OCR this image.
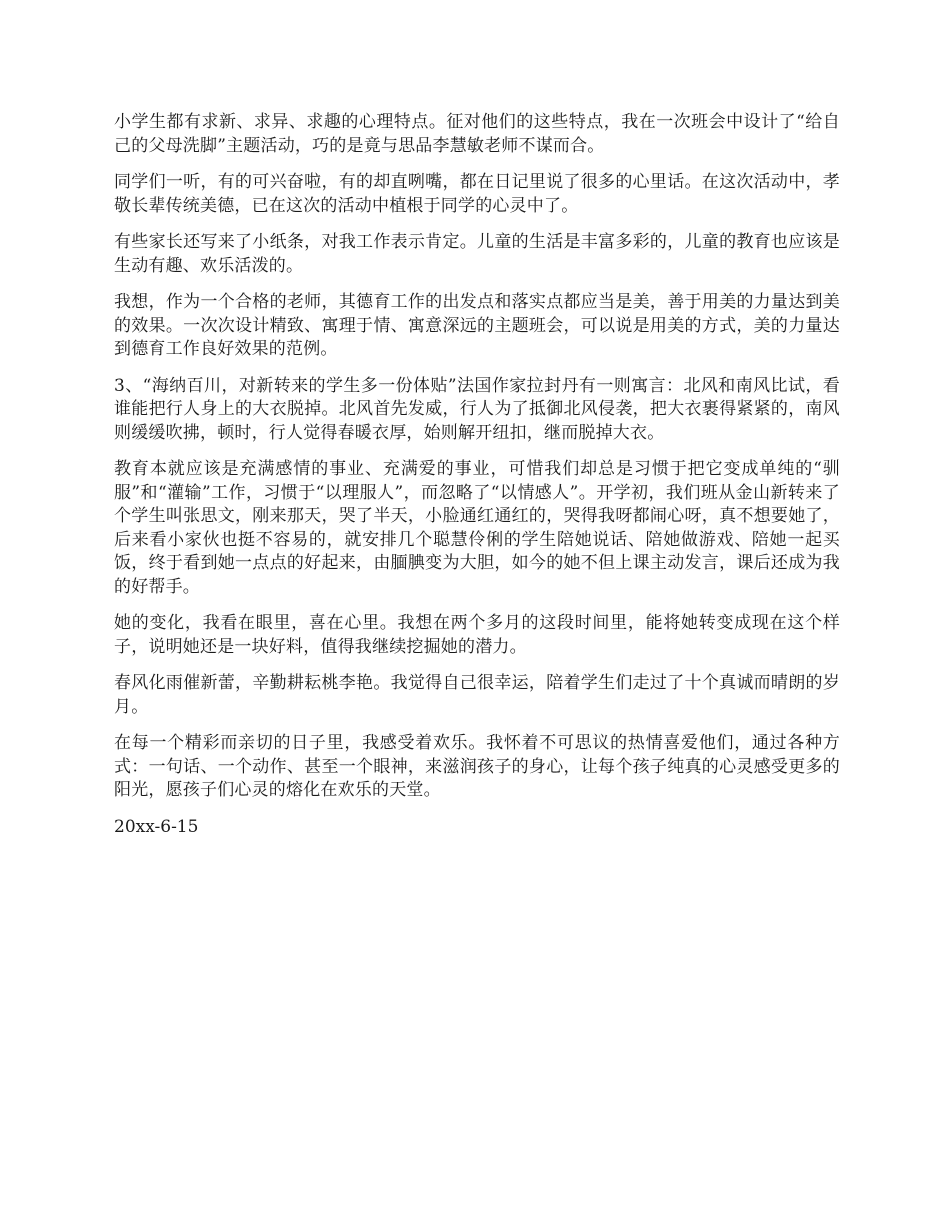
小学生都有求新、求异、求趣的心理特点。征对他们的这些特点，我在一次班会中设计了“给自己的父母洗脚”主题活动，巧的是竟与思品李慧敏老师不谋而合。

同学们一听，有的可兴奋啦，有的却直咧嘴，都在日记里说了很多的心里话。在这次活动中，孝敬长辈传统美德，已在这次的活动中植根于同学的心灵中了。

有些家长还写来了小纸条，对我工作表示肯定。儿童的生活是丰富多彩的，儿童的教育也应该是生动有趣、欢乐活泼的。

我想，作为一个合格的老师，其德育工作的出发点和落实点都应当是美，善于用美的力量达到美的效果。一次次设计精致、寓理于情、寓意深远的主题班会，可以说是用美的方式，美的力量达到德育工作良好效果的范例。

3、“海纳百川，对新转来的学生多一份体贴”法国作家拉封丹有一则寓言：北风和南风比试，看谁能把行人身上的大衣脱掉。北风首先发威，行人为了抵御北风侵袭，把大衣裹得紧紧的，南风则缓缓吹拂，顿时，行人觉得春暖衣厚，始则解开纽扣，继而脱掉大衣。

教育本就应该是充满感情的事业、充满爱的事业，可惜我们却总是习惯于把它变成单纯的“驯服”和“灌输”工作，习惯于“以理服人”，而忽略了“以情感人”。开学初，我们班从金山新转来了个学生叫张思文，刚来那天，哭了半天，小脸通红通红的，哭得我呀都闹心呀，真不想要她了，后来看小家伙也挺不容易的，就安排几个聪慧伶俐的学生陪她说话、陪她做游戏、陪她一起买饭，终于看到她一点点的好起来，由腼腆变为大胆，如今的她不但上课主动发言，课后还成为我的好帮手。

她的变化，我看在眼里，喜在心里。我想在两个多月的这段时间里，能将她转变成现在这个样子，说明她还是一块好料，值得我继续挖掘她的潜力。

春风化雨催新蕾，辛勤耕耘桃李艳。我觉得自己很幸运，陪着学生们走过了十个真诚而晴朗的岁月。

在每一个精彩而亲切的日子里，我感受着欢乐。我怀着不可思议的热情喜爱他们，通过各种方式：一句话、一个动作、甚至一个眼神，来滋润孩子的身心，让每个孩子纯真的心灵感受更多的阳光，愿孩子们心灵的熔化在欢乐的天堂。

20xx-6-15
